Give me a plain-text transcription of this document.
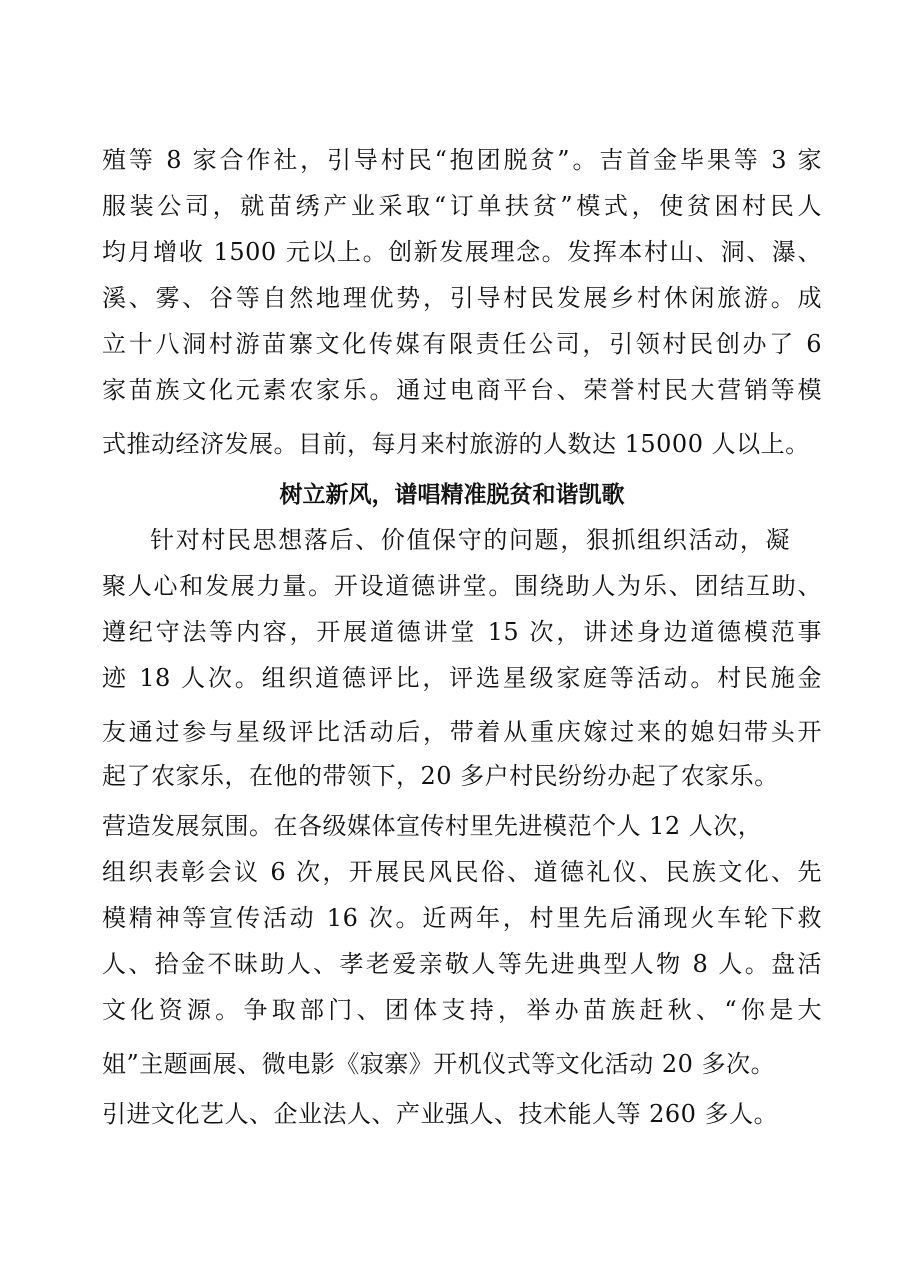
殖等 8 家合作社，引导村民“抱团脱贫”。吉首金毕果等 3 家
服装公司，就苗绣产业采取“订单扶贫”模式，使贫困村民人
均月增收 1500 元以上。创新发展理念。发挥本村山、洞、瀑、
溪、雾、谷等自然地理优势，引导村民发展乡村休闲旅游。成
立十八洞村游苗寨文化传媒有限责任公司，引领村民创办了 6
家苗族文化元素农家乐。通过电商平台、荣誉村民大营销等模
式推动经济发展。目前，每月来村旅游的人数达 15000 人以上。
树立新风，谱唱精准脱贫和谐凯歌
针对村民思想落后、价值保守的问题，狠抓组织活动，凝
聚人心和发展力量。开设道德讲堂。围绕助人为乐、团结互助、
遵纪守法等内容，开展道德讲堂 15 次，讲述身边道德模范事
迹 18 人次。组织道德评比，评选星级家庭等活动。村民施金
友通过参与星级评比活动后，带着从重庆嫁过来的媳妇带头开
起了农家乐，在他的带领下，20 多户村民纷纷办起了农家乐。
营造发展氛围。在各级媒体宣传村里先进模范个人 12 人次，
组织表彰会议 6 次，开展民风民俗、道德礼仪、民族文化、先
模精神等宣传活动 16 次。近两年，村里先后涌现火车轮下救
人、拾金不昧助人、孝老爱亲敬人等先进典型人物 8 人。盘活
文化资源。争取部门、团体支持，举办苗族赶秋、“你是大
姐”主题画展、微电影《寂寨》开机仪式等文化活动 20 多次。
引进文化艺人、企业法人、产业强人、技术能人等 260 多人。
